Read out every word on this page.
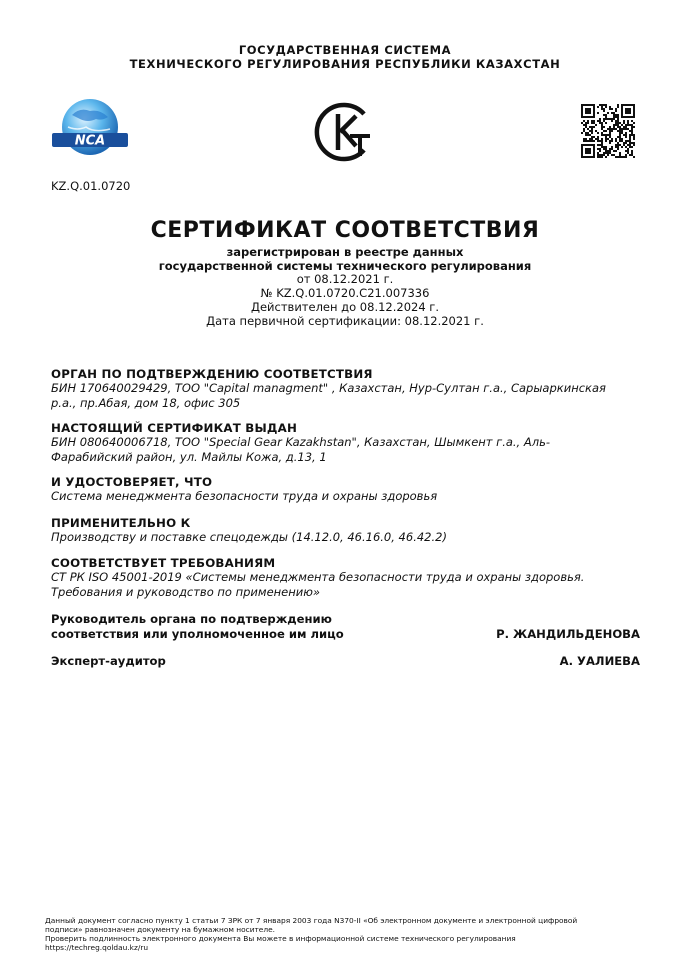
ГОСУДАРСТВЕННАЯ СИСТЕМА
ТЕХНИЧЕСКОГО РЕГУЛИРОВАНИЯ РЕСПУБЛИКИ КАЗАХСТАН
NCA
KZ.Q.01.0720
СЕРТИФИКАТ СООТВЕТСТВИЯ
зарегистрирован в реестре данных
государственной системы технического регулирования
от 08.12.2021 г.
№ KZ.Q.01.0720.C21.007336
Действителен до 08.12.2024 г.
Дата первичной сертификации: 08.12.2021 г.
ОРГАН ПО ПОДТВЕРЖДЕНИЮ СООТВЕТСТВИЯ
БИН 170640029429, ТОО "Capital managment" , Казахстан, Нур-Султан г.а., Сарыаркинская
р.а., пр.Абая, дом 18, офис 305
НАСТОЯЩИЙ СЕРТИФИКАТ ВЫДАН
БИН 080640006718, ТОО "Special Gear Kazakhstan", Казахстан, Шымкент г.а., Аль-
Фарабийский район, ул. Майлы Кожа, д.13, 1
И УДОСТОВЕРЯЕТ, ЧТО
Система менеджмента безопасности труда и охраны здоровья
ПРИМЕНИТЕЛЬНО К
Производству и поставке спецодежды (14.12.0, 46.16.0, 46.42.2)
СООТВЕТСТВУЕТ ТРЕБОВАНИЯМ
СТ РК ISO 45001-2019 «Системы менеджмента безопасности труда и охраны здоровья.
Требования и руководство по применению»
Руководитель органа по подтверждению
соответствия или уполномоченное им лицо	Р. ЖАНДИЛЬДЕНОВА
Эксперт-аудитор	А. УАЛИЕВА
Данный документ согласно пункту 1 статьи 7 ЗРК от 7 января 2003 года N370-II «Об электронном документе и электронной цифровой
подписи» равнозначен документу на бумажном носителе.
Проверить подлинность электронного документа Вы можете в информационной системе технического регулирования
https://techreg.qoldau.kz/ru
